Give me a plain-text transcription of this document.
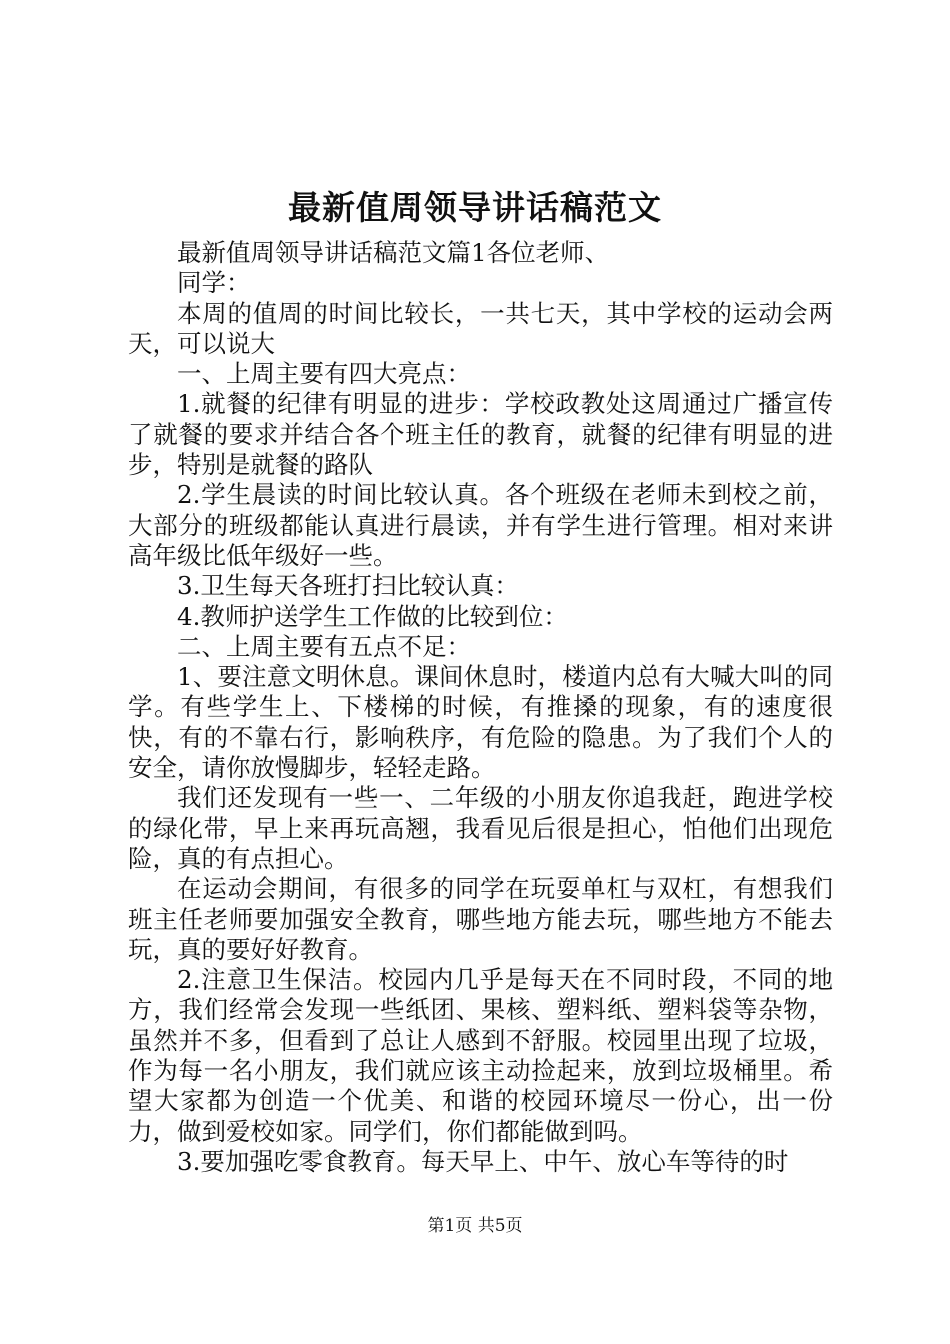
最新值周领导讲话稿范文

最新值周领导讲话稿范文篇1各位老师、

同学：

本周的值周的时间比较长，一共七天，其中学校的运动会两天，可以说大

一、上周主要有四大亮点：

1.就餐的纪律有明显的进步：学校政教处这周通过广播宣传了就餐的要求并结合各个班主任的教育，就餐的纪律有明显的进步，特别是就餐的路队

2.学生晨读的时间比较认真。各个班级在老师未到校之前，大部分的班级都能认真进行晨读，并有学生进行管理。相对来讲高年级比低年级好一些。

3.卫生每天各班打扫比较认真：

4.教师护送学生工作做的比较到位：

二、上周主要有五点不足：

1、要注意文明休息。课间休息时，楼道内总有大喊大叫的同学。有些学生上、下楼梯的时候，有推搡的现象，有的速度很快，有的不靠右行，影响秩序，有危险的隐患。为了我们个人的安全，请你放慢脚步，轻轻走路。

我们还发现有一些一、二年级的小朋友你追我赶，跑进学校的绿化带，早上来再玩高翘，我看见后很是担心，怕他们出现危险，真的有点担心。

在运动会期间，有很多的同学在玩耍单杠与双杠，有想我们班主任老师要加强安全教育，哪些地方能去玩，哪些地方不能去玩，真的要好好教育。

2.注意卫生保洁。校园内几乎是每天在不同时段，不同的地方，我们经常会发现一些纸团、果核、塑料纸、塑料袋等杂物，虽然并不多，但看到了总让人感到不舒服。校园里出现了垃圾，作为每一名小朋友，我们就应该主动捡起来，放到垃圾桶里。希望大家都为创造一个优美、和谐的校园环境尽一份心，出一份力，做到爱校如家。同学们，你们都能做到吗。

3.要加强吃零食教育。每天早上、中午、放心车等待的时

第1页 共5页
